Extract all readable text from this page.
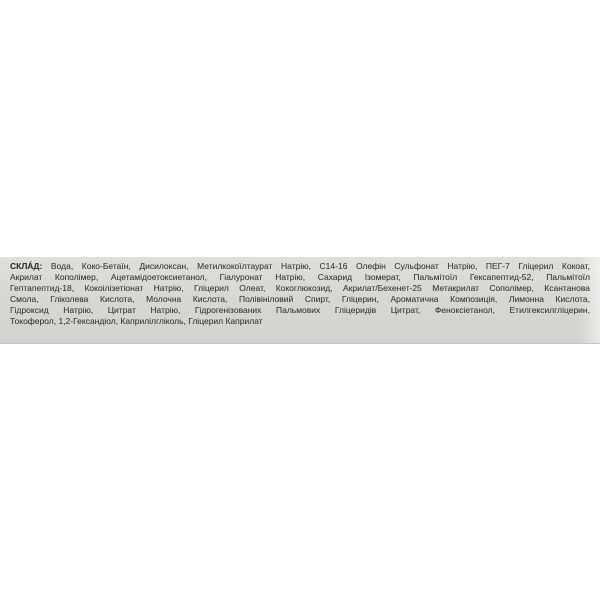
СКЛА́Д: Вода, Коко-Бетаїн, Дисилоксан, Метилкокоїлтаурат Натрію, С14-16 Олефін Сульфонат Натрію, ПЕГ-7 Гліцерил Кокоат,

Акрилат Кополімер, Ацетамідоетоксиетанол, Гіалуронат Натрію, Сахарид Ізомерат, Пальмітоїл Гексапептид-52, Пальмітоїл

Гептапептид-18, Кокоілізетіонат Натрію, Гліцерил Олеат, Кокоглюкозид, Акрилат/Бехенет-25 Метакрилат Сополімер, Ксантанова

Смола, Гліколева Кислота, Молочна Кислота, Полівініловий Спирт, Гліцерин, Ароматична Композиція, Лимонна Кислота,

Гідроксид Натрію, Цитрат Натрію, Гідрогенізованих Пальмових Гліцеридів Цитрат, Феноксіетанол, Етилгексилгліцерин,

Токоферол, 1,2-Гександіол, Каприлілгліколь, Гліцерил Каприлат
